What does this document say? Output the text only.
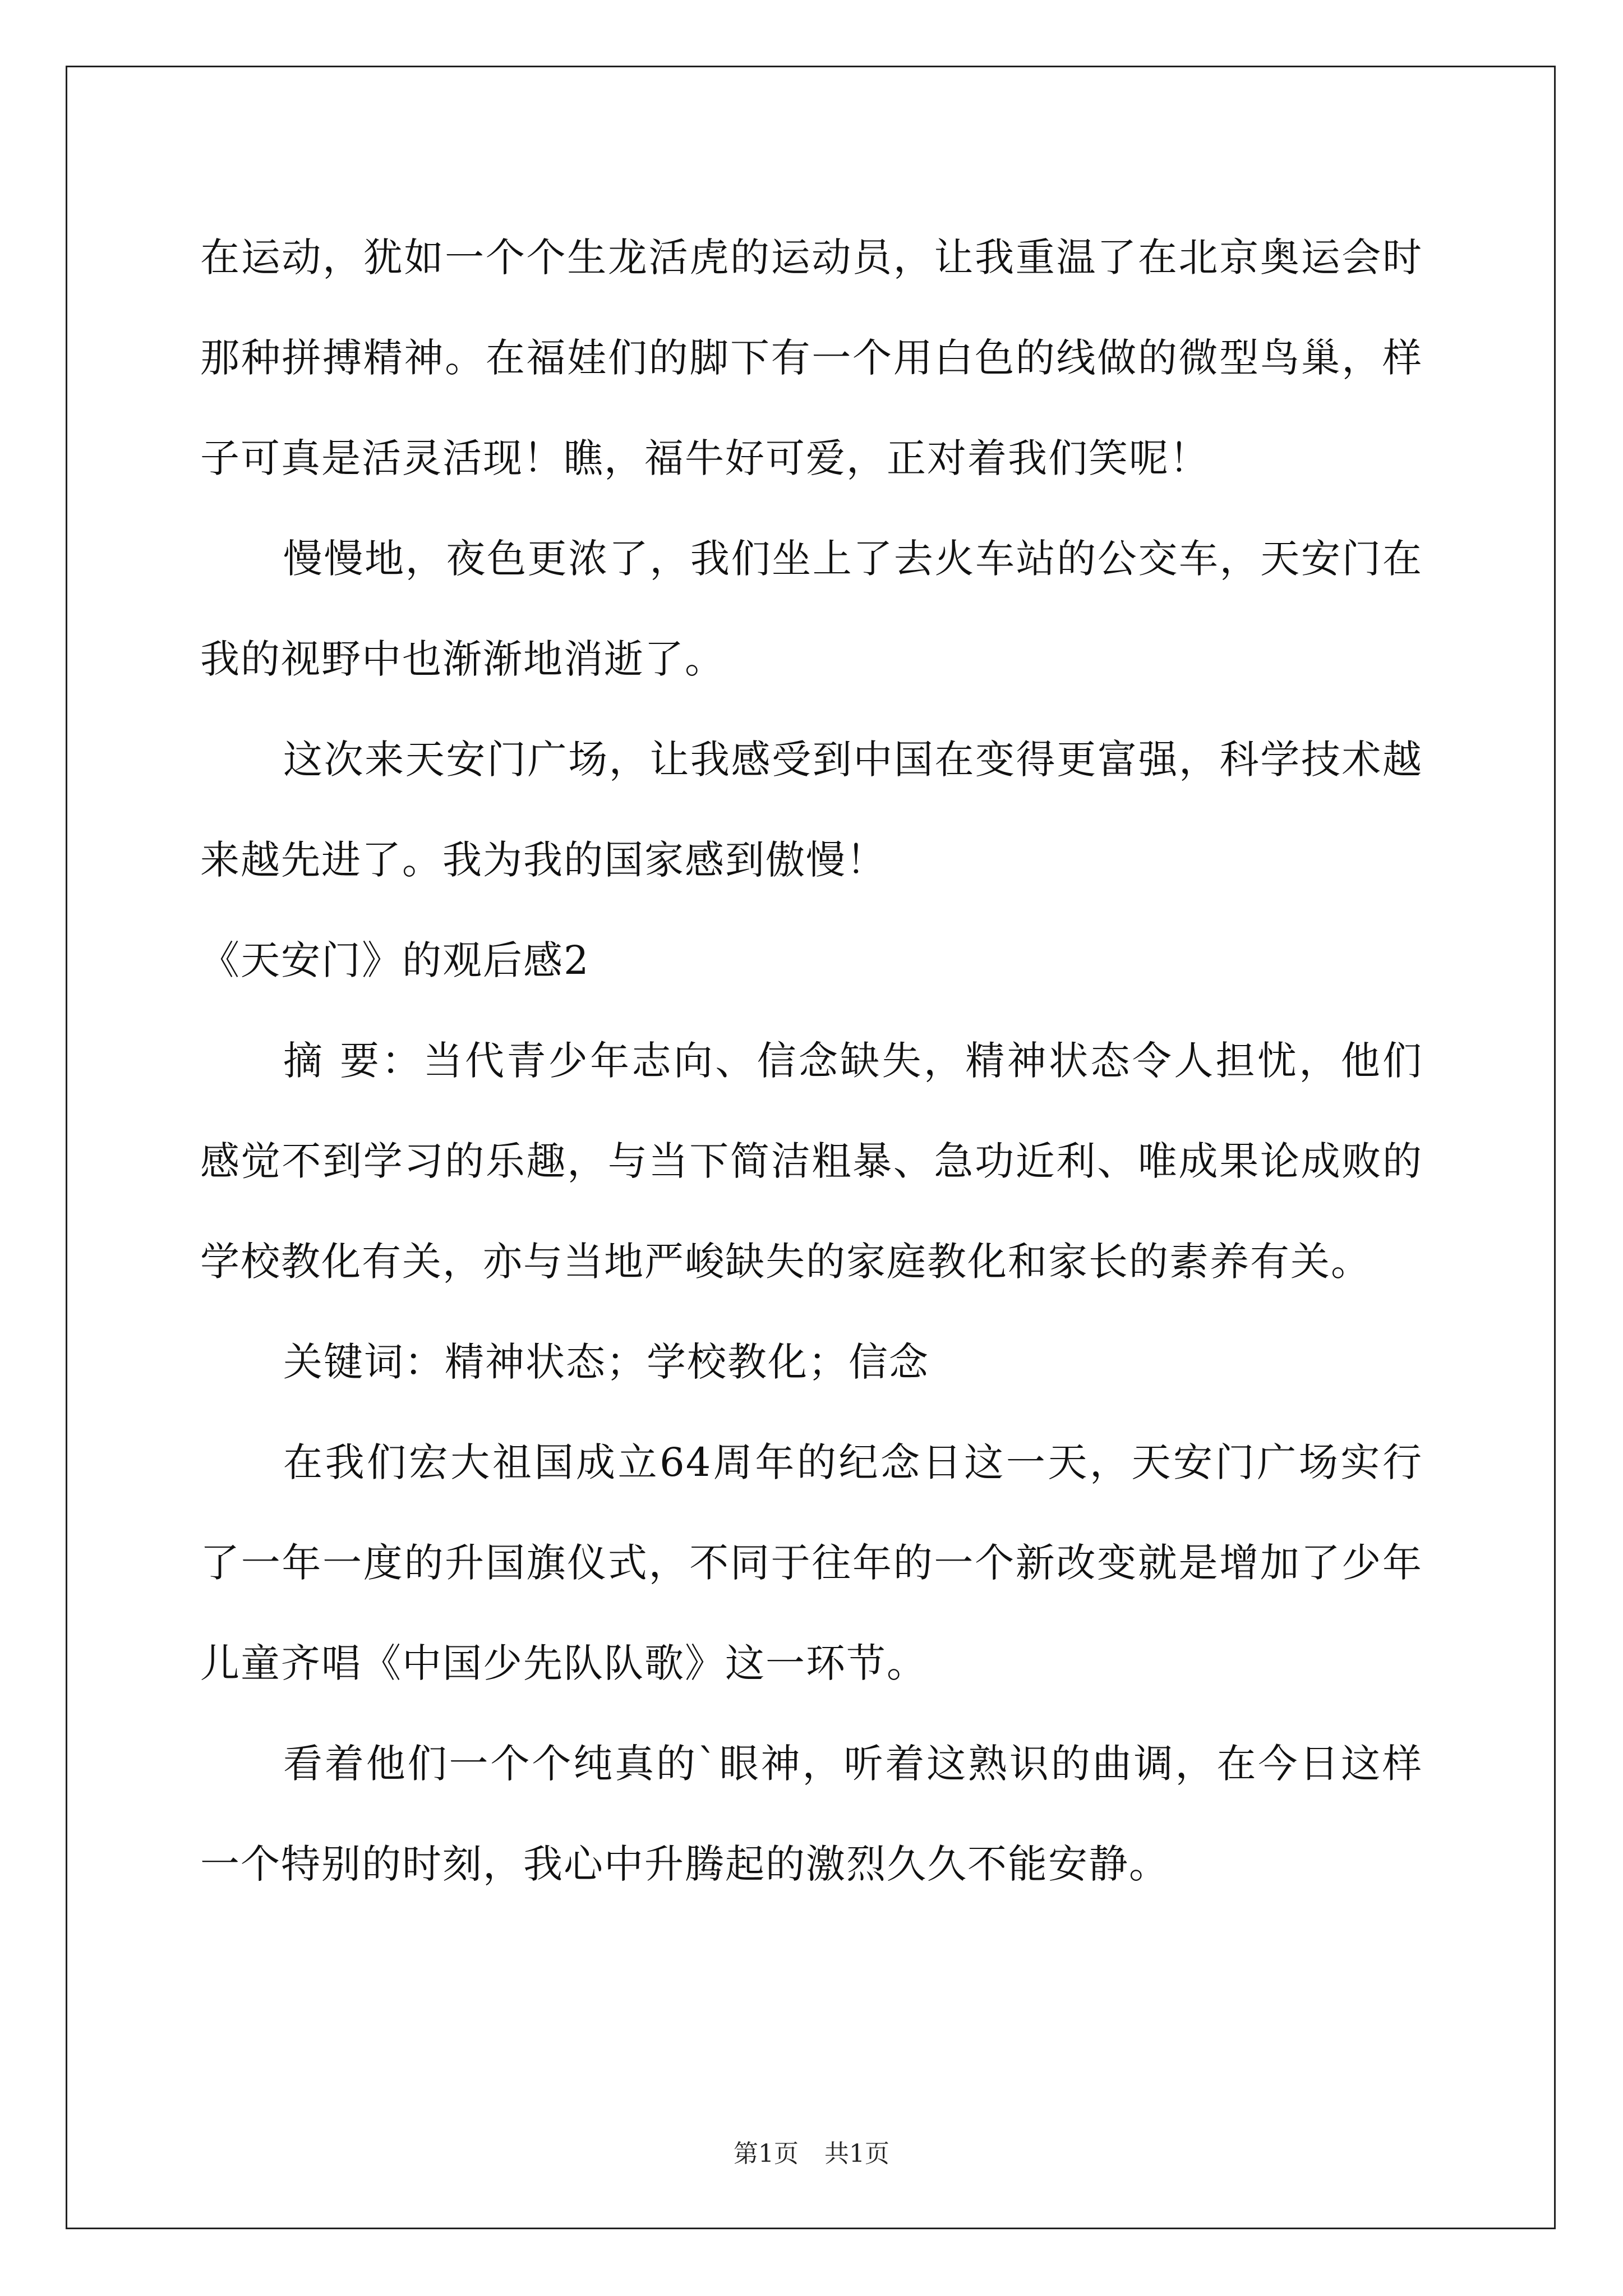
在运动，犹如一个个生龙活虎的运动员，让我重温了在北京奥运会时那种拼搏精神。在福娃们的脚下有一个用白色的线做的微型鸟巢，样子可真是活灵活现！瞧，福牛好可爱，正对着我们笑呢！

慢慢地，夜色更浓了，我们坐上了去火车站的公交车，天安门在我的视野中也渐渐地消逝了。

这次来天安门广场，让我感受到中国在变得更富强，科学技术越来越先进了。我为我的国家感到傲慢！

《天安门》的观后感2

摘 要：当代青少年志向、信念缺失，精神状态令人担忧，他们感觉不到学习的乐趣，与当下简洁粗暴、急功近利、唯成果论成败的学校教化有关，亦与当地严峻缺失的家庭教化和家长的素养有关。

关键词：精神状态；学校教化；信念

在我们宏大祖国成立64周年的纪念日这一天，天安门广场实行了一年一度的升国旗仪式，不同于往年的一个新改变就是增加了少年儿童齐唱《中国少先队队歌》这一环节。

看着他们一个个纯真的`眼神，听着这熟识的曲调，在今日这样一个特别的时刻，我心中升腾起的激烈久久不能安静。

第1页 共1页
